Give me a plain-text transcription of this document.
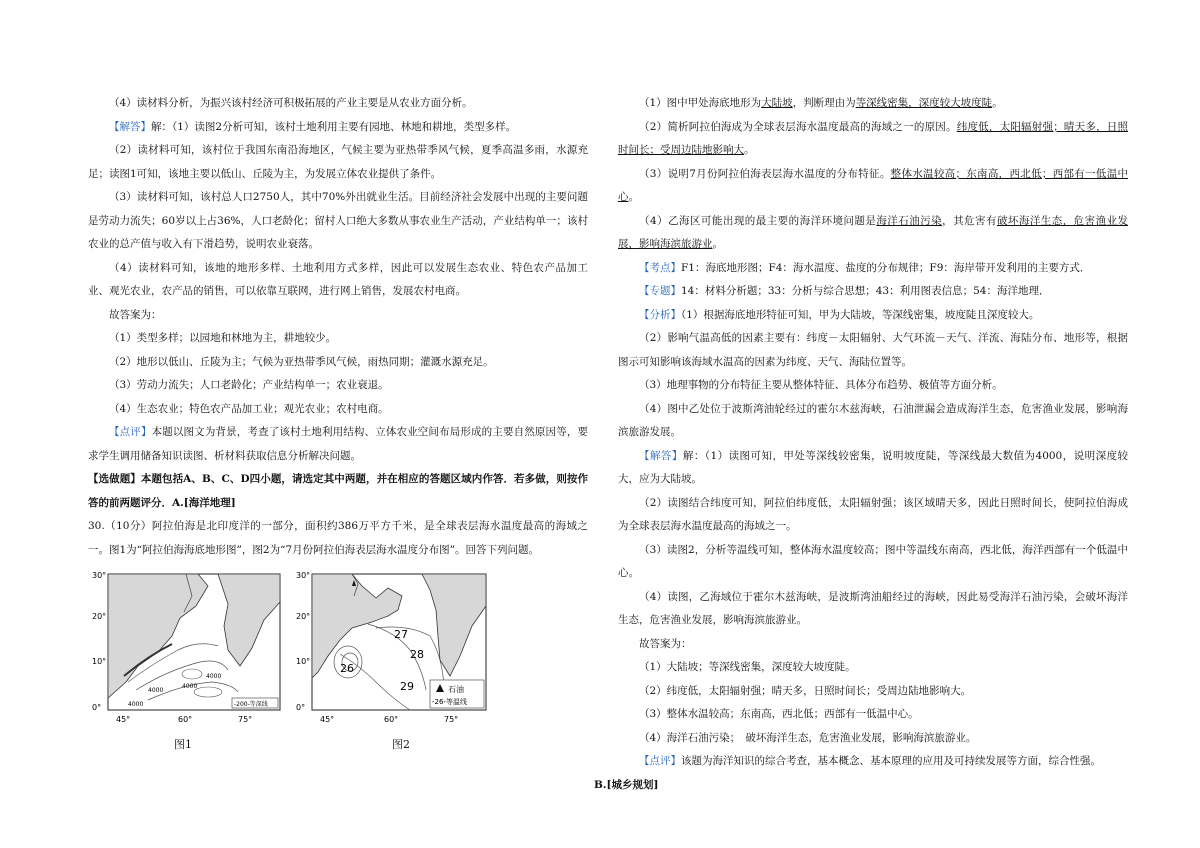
（4）读材料分析，为振兴该村经济可积极拓展的产业主要是从农业方面分析。

【解答】解：（1）读图2分析可知，该村土地利用主要有园地、林地和耕地，类型多样。

（2）读材料可知，该村位于我国东南沿海地区，气候主要为亚热带季风气候，夏季高温多雨，水源充足；读图1可知，该地主要以低山、丘陵为主，为发展立体农业提供了条件。

（3）读材料可知，该村总人口2750人，其中70%外出就业生活。目前经济社会发展中出现的主要问题是劳动力流失；60岁以上占36%，人口老龄化；留村人口绝大多数从事农业生产活动，产业结构单一；该村农业的总产值与收入有下滑趋势，说明农业衰落。

（4）读材料可知，该地的地形多样、土地利用方式多样，因此可以发展生态农业、特色农产品加工业、观光农业，农产品的销售，可以依靠互联网，进行网上销售，发展农村电商。

故答案为：

（1）类型多样；以园地和林地为主，耕地较少。

（2）地形以低山、丘陵为主；气候为亚热带季风气候，雨热同期；灌溉水源充足。

（3）劳动力流失；人口老龄化；产业结构单一；农业衰退。

（4）生态农业；特色农产品加工业；观光农业；农村电商。

【点评】本题以图文为背景，考查了该村土地利用结构、立体农业空间布局形成的主要自然原因等，要求学生调用储备知识读图、析材料获取信息分析解决问题。

【选做题】本题包括A、B、C、D四小题，请选定其中两题，并在相应的答题区域内作答．若多做，则按作答的前两题评分．A.[海洋地理]

30.（10分）阿拉伯海是北印度洋的一部分，面积约386万平方千米，是全球表层海水温度最高的海域之一。图1为“阿拉伯海海底地形图”，图2为“7月份阿拉伯海表层海水温度分布图”。回答下列问题。

30°
20°
10°
0°
45°	60°	75°
4000
4000
4000
4000	-200-等深线
图1
30°
20°
10°
0°
45°	60°	75°
27
28
26
29	石油
-26-等温线
图2

（1）图中甲处海底地形为大陆坡，判断理由为等深线密集，深度较大坡度陡。

（2）简析阿拉伯海成为全球表层海水温度最高的海域之一的原因。纬度低，太阳辐射强；晴天多，日照时间长；受周边陆地影响大。

（3）说明7月份阿拉伯海表层海水温度的分布特征。整体水温较高；东南高，西北低；西部有一低温中心。

（4）乙海区可能出现的最主要的海洋环境问题是海洋石油污染，其危害有破坏海洋生态，危害渔业发展，影响海滨旅游业。

【考点】F1：海底地形图；F4：海水温度、盐度的分布规律；F9：海岸带开发利用的主要方式．

【专题】14：材料分析题；33：分析与综合思想；43：利用图表信息；54：海洋地理．

【分析】（1）根据海底地形特征可知，甲为大陆坡，等深线密集，坡度陡且深度较大。

（2）影响气温高低的因素主要有：纬度－太阳辐射、大气环流－天气、洋流、海陆分布、地形等，根据图示可知影响该海域水温高的因素为纬度、天气、海陆位置等。

（3）地理事物的分布特征主要从整体特征、具体分布趋势、极值等方面分析。

（4）图中乙处位于波斯湾油轮经过的霍尔木兹海峡，石油泄漏会造成海洋生态，危害渔业发展，影响海滨旅游发展。

【解答】解：（1）读图可知，甲处等深线较密集，说明坡度陡，等深线最大数值为4000，说明深度较大，应为大陆坡。

（2）读图结合纬度可知，阿拉伯纬度低，太阳辐射强；该区域晴天多，因此日照时间长，使阿拉伯海成为全球表层海水温度最高的海域之一。

（3）读图2，分析等温线可知，整体海水温度较高；图中等温线东南高，西北低，海洋西部有一个低温中心。

（4）读图，乙海域位于霍尔木兹海峡，是波斯湾油船经过的海峡，因此易受海洋石油污染，会破坏海洋生态，危害渔业发展，影响海滨旅游业。

故答案为：

（1）大陆坡；等深线密集，深度较大坡度陡。

（2）纬度低，太阳辐射强；晴天多，日照时间长；受周边陆地影响大。

（3）整体水温较高；东南高，西北低；西部有一低温中心。

（4）海洋石油污染；　破坏海洋生态，危害渔业发展，影响海滨旅游业。

【点评】该题为海洋知识的综合考查，基本概念、基本原理的应用及可持续发展等方面，综合性强。

B.[城乡规划]
